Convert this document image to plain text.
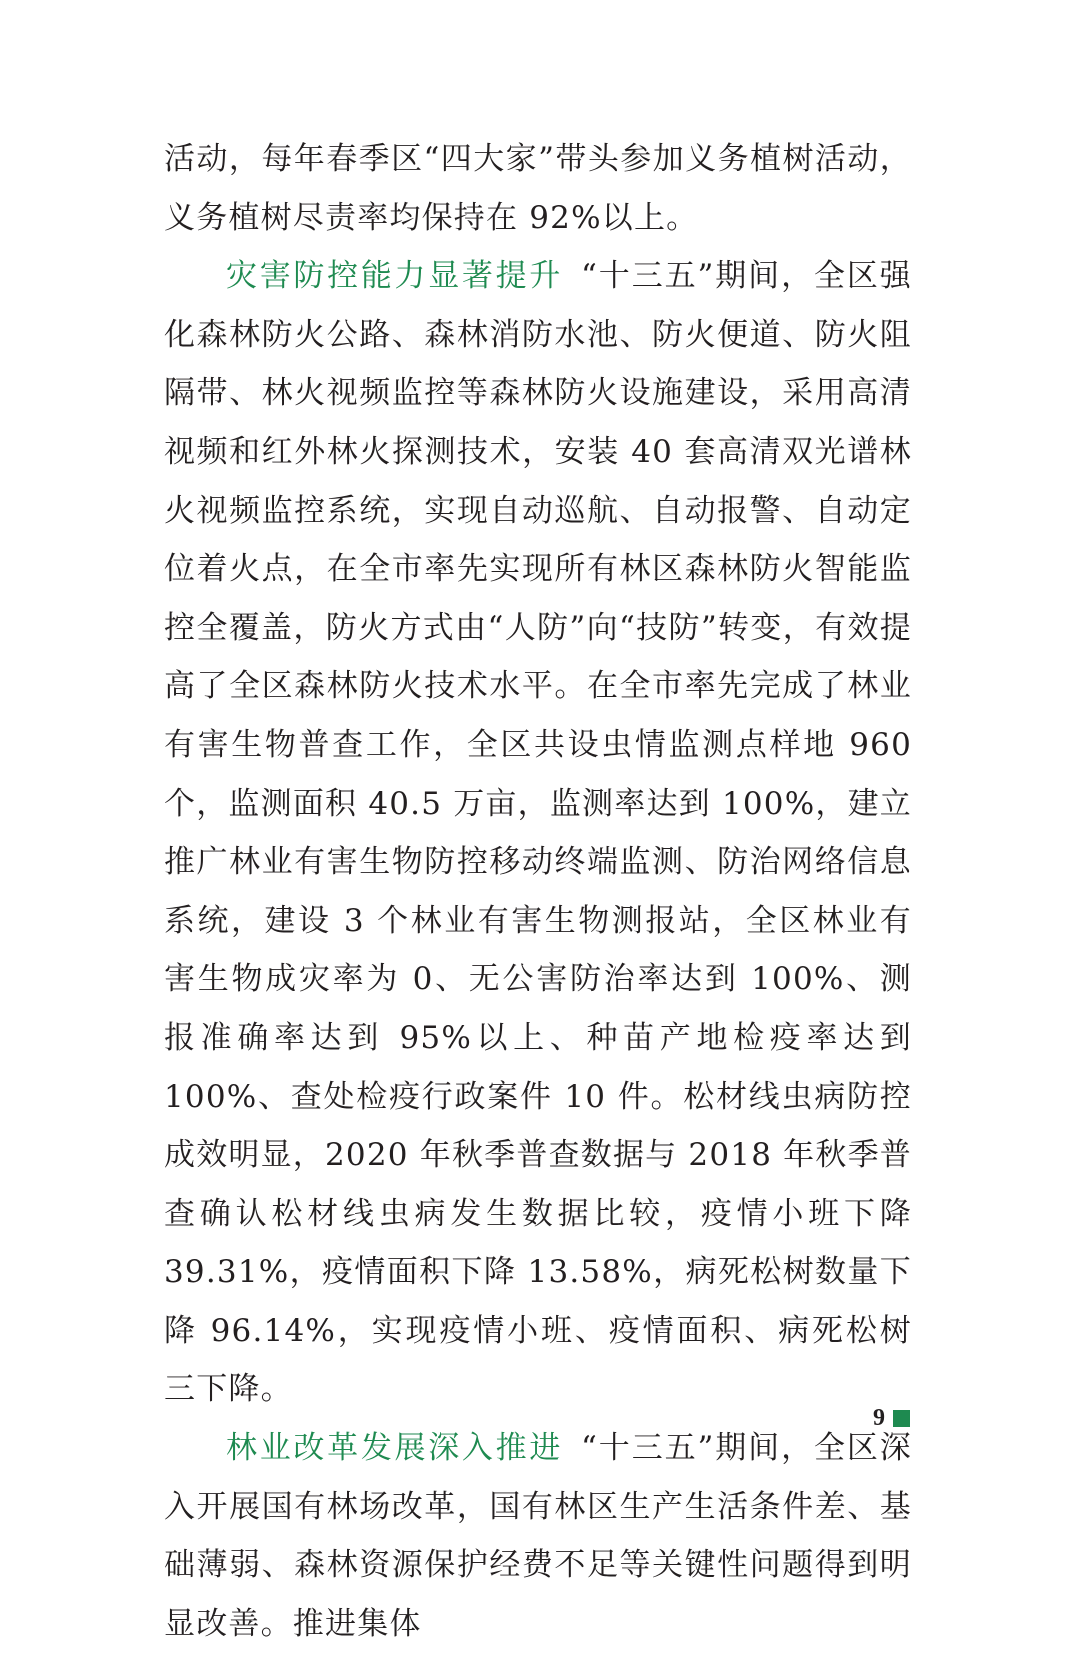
活动，每年春季区“四大家”带头参加义务植树活动，义务植树尽责率均保持在 92%以上。

灾害防控能力显著提升 “十三五”期间，全区强化森林防火公路、森林消防水池、防火便道、防火阻隔带、林火视频监控等森林防火设施建设，采用高清视频和红外林火探测技术，安装 40 套高清双光谱林火视频监控系统，实现自动巡航、自动报警、自动定位着火点，在全市率先实现所有林区森林防火智能监控全覆盖，防火方式由“人防”向“技防”转变，有效提高了全区森林防火技术水平。在全市率先完成了林业有害生物普查工作，全区共设虫情监测点样地 960 个，监测面积 40.5 万亩，监测率达到 100%，建立推广林业有害生物防控移动终端监测、防治网络信息系统，建设 3 个林业有害生物测报站，全区林业有害生物成灾率为 0、无公害防治率达到 100%、测报准确率达到 95%以上、种苗产地检疫率达到 100%、查处检疫行政案件 10 件。松材线虫病防控成效明显，2020 年秋季普查数据与 2018 年秋季普查确认松材线虫病发生数据比较，疫情小班下降 39.31%，疫情面积下降 13.58%，病死松树数量下降 96.14%，实现疫情小班、疫情面积、病死松树三下降。

林业改革发展深入推进 “十三五”期间，全区深入开展国有林场改革，国有林区生产生活条件差、基础薄弱、森林资源保护经费不足等关键性问题得到明显改善。推进集体

9
